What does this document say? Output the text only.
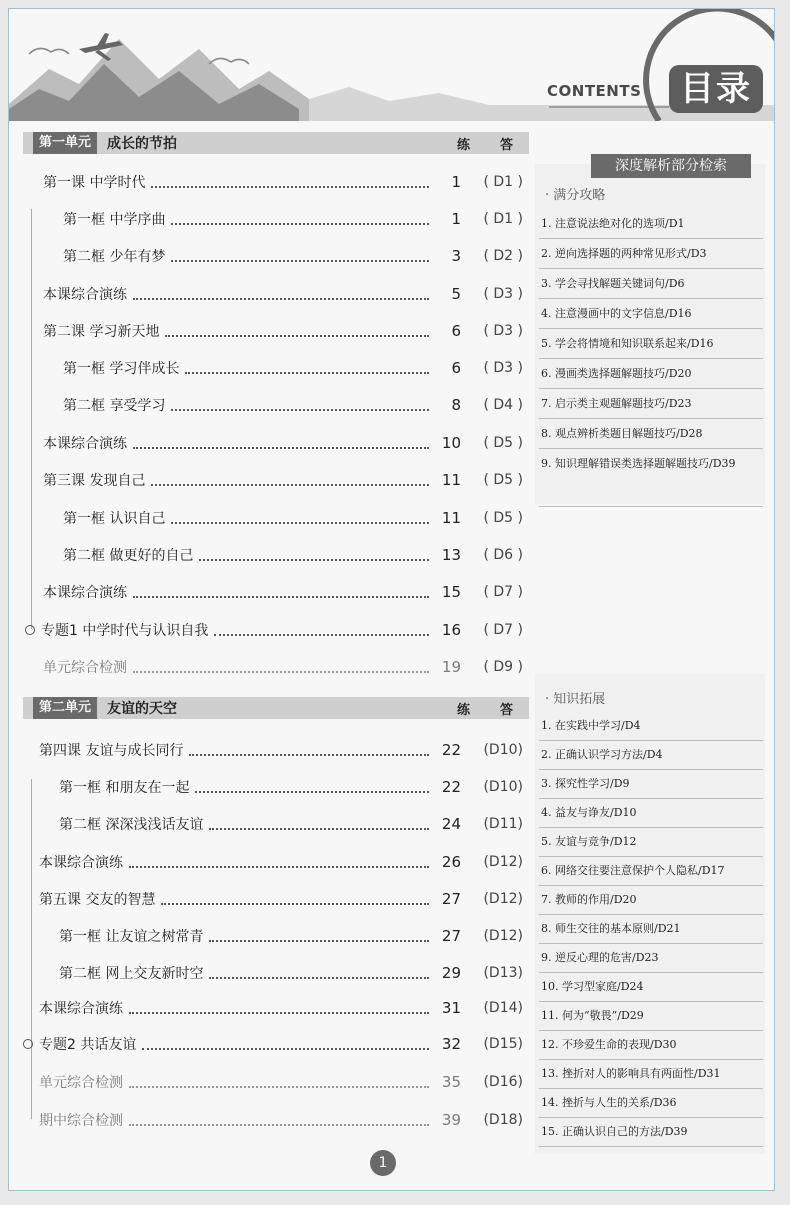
CONTENTS	目录
第一单元	成长的节拍	练 答
第一课 中学时代	1	( D1 )
第一框 中学序曲	1	( D1 )
第二框 少年有梦	3	( D2 )
本课综合演练	5	( D3 )
第二课 学习新天地	6	( D3 )
第一框 学习伴成长	6	( D3 )
第二框 享受学习	8	( D4 )
本课综合演练	10	( D5 )
第三课 发现自己	11	( D5 )
第一框 认识自己	11	( D5 )
第二框 做更好的自己	13	( D6 )
本课综合演练	15	( D7 )
专题1 中学时代与认识自我	16	( D7 )
单元综合检测	19	( D9 )
第二单元	友谊的天空	练 答
第四课 友谊与成长同行	22	(D10)
第一框 和朋友在一起	22	(D10)
第二框 深深浅浅话友谊	24	(D11)
本课综合演练	26	(D12)
第五课 交友的智慧	27	(D12)
第一框 让友谊之树常青	27	(D12)
第二框 网上交友新时空	29	(D13)
本课综合演练	31	(D14)
专题2 共话友谊	32	(D15)
单元综合检测	35	(D16)
期中综合检测	39	(D18)
深度解析部分检索
· 满分攻略
1. 注意说法绝对化的选项/D1
2. 逆向选择题的两种常见形式/D3
3. 学会寻找解题关键词句/D6
4. 注意漫画中的文字信息/D16
5. 学会将情境和知识联系起来/D16
6. 漫画类选择题解题技巧/D20
7. 启示类主观题解题技巧/D23
8. 观点辨析类题目解题技巧/D28
9. 知识理解错误类选择题解题技巧/D39
· 知识拓展
1. 在实践中学习/D4
2. 正确认识学习方法/D4
3. 探究性学习/D9
4. 益友与诤友/D10
5. 友谊与竞争/D12
6. 网络交往要注意保护个人隐私/D17
7. 教师的作用/D20
8. 师生交往的基本原则/D21
9. 逆反心理的危害/D23
10. 学习型家庭/D24
11. 何为“敬畏”/D29
12. 不珍爱生命的表现/D30
13. 挫折对人的影响具有两面性/D31
14. 挫折与人生的关系/D36
15. 正确认识自己的方法/D39
1
